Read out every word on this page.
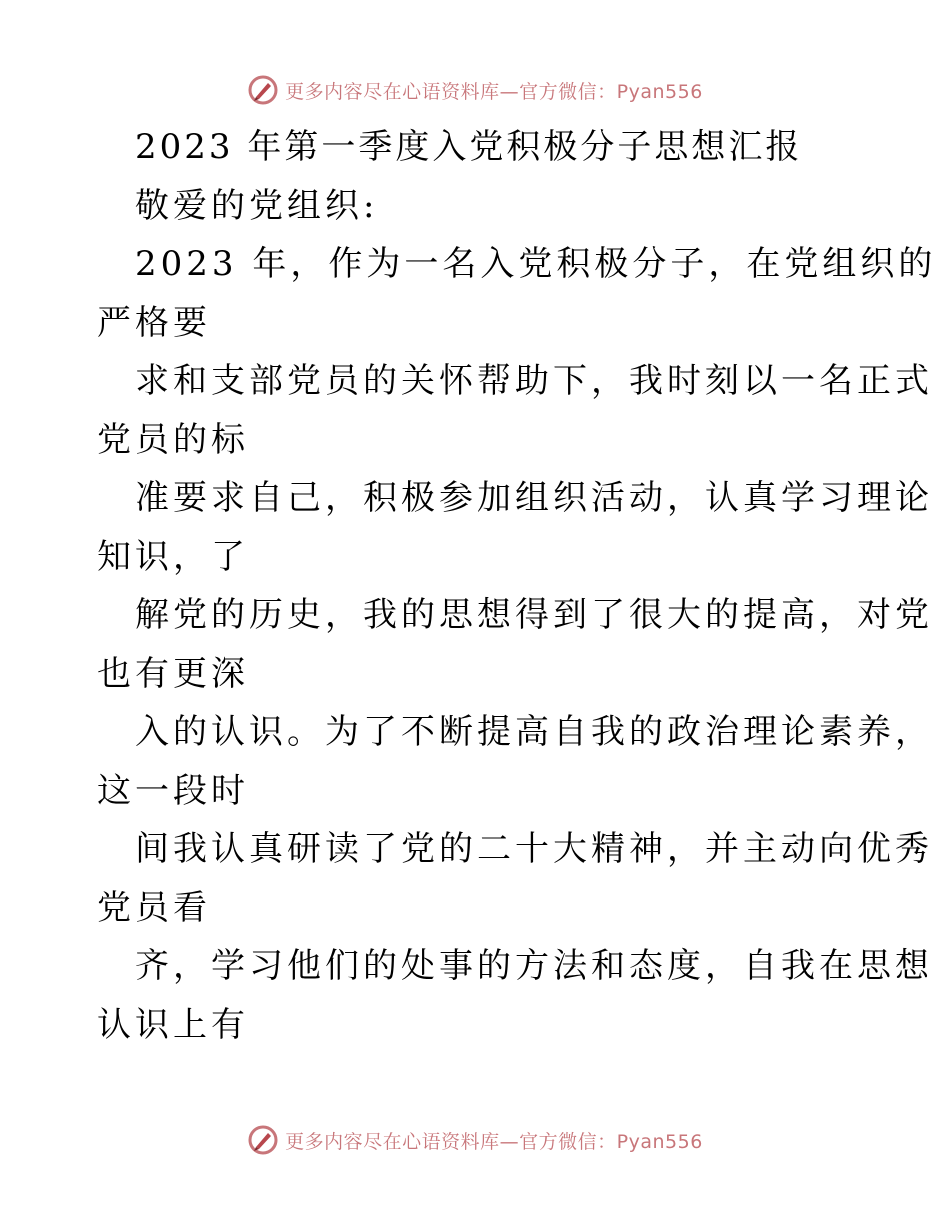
更多内容尽在心语资料库—官方微信：Pyan556
2023 年第一季度入党积极分子思想汇报
敬爱的党组织:
2023 年，作为一名入党积极分子，在党组织的
严格要
求和支部党员的关怀帮助下，我时刻以一名正式
党员的标
准要求自己，积极参加组织活动，认真学习理论
知识，了
解党的历史，我的思想得到了很大的提高，对党
也有更深
入的认识。为了不断提高自我的政治理论素养，
这一段时
间我认真研读了党的二十大精神，并主动向优秀
党员看
齐，学习他们的处事的方法和态度，自我在思想
认识上有
更多内容尽在心语资料库—官方微信：Pyan556
